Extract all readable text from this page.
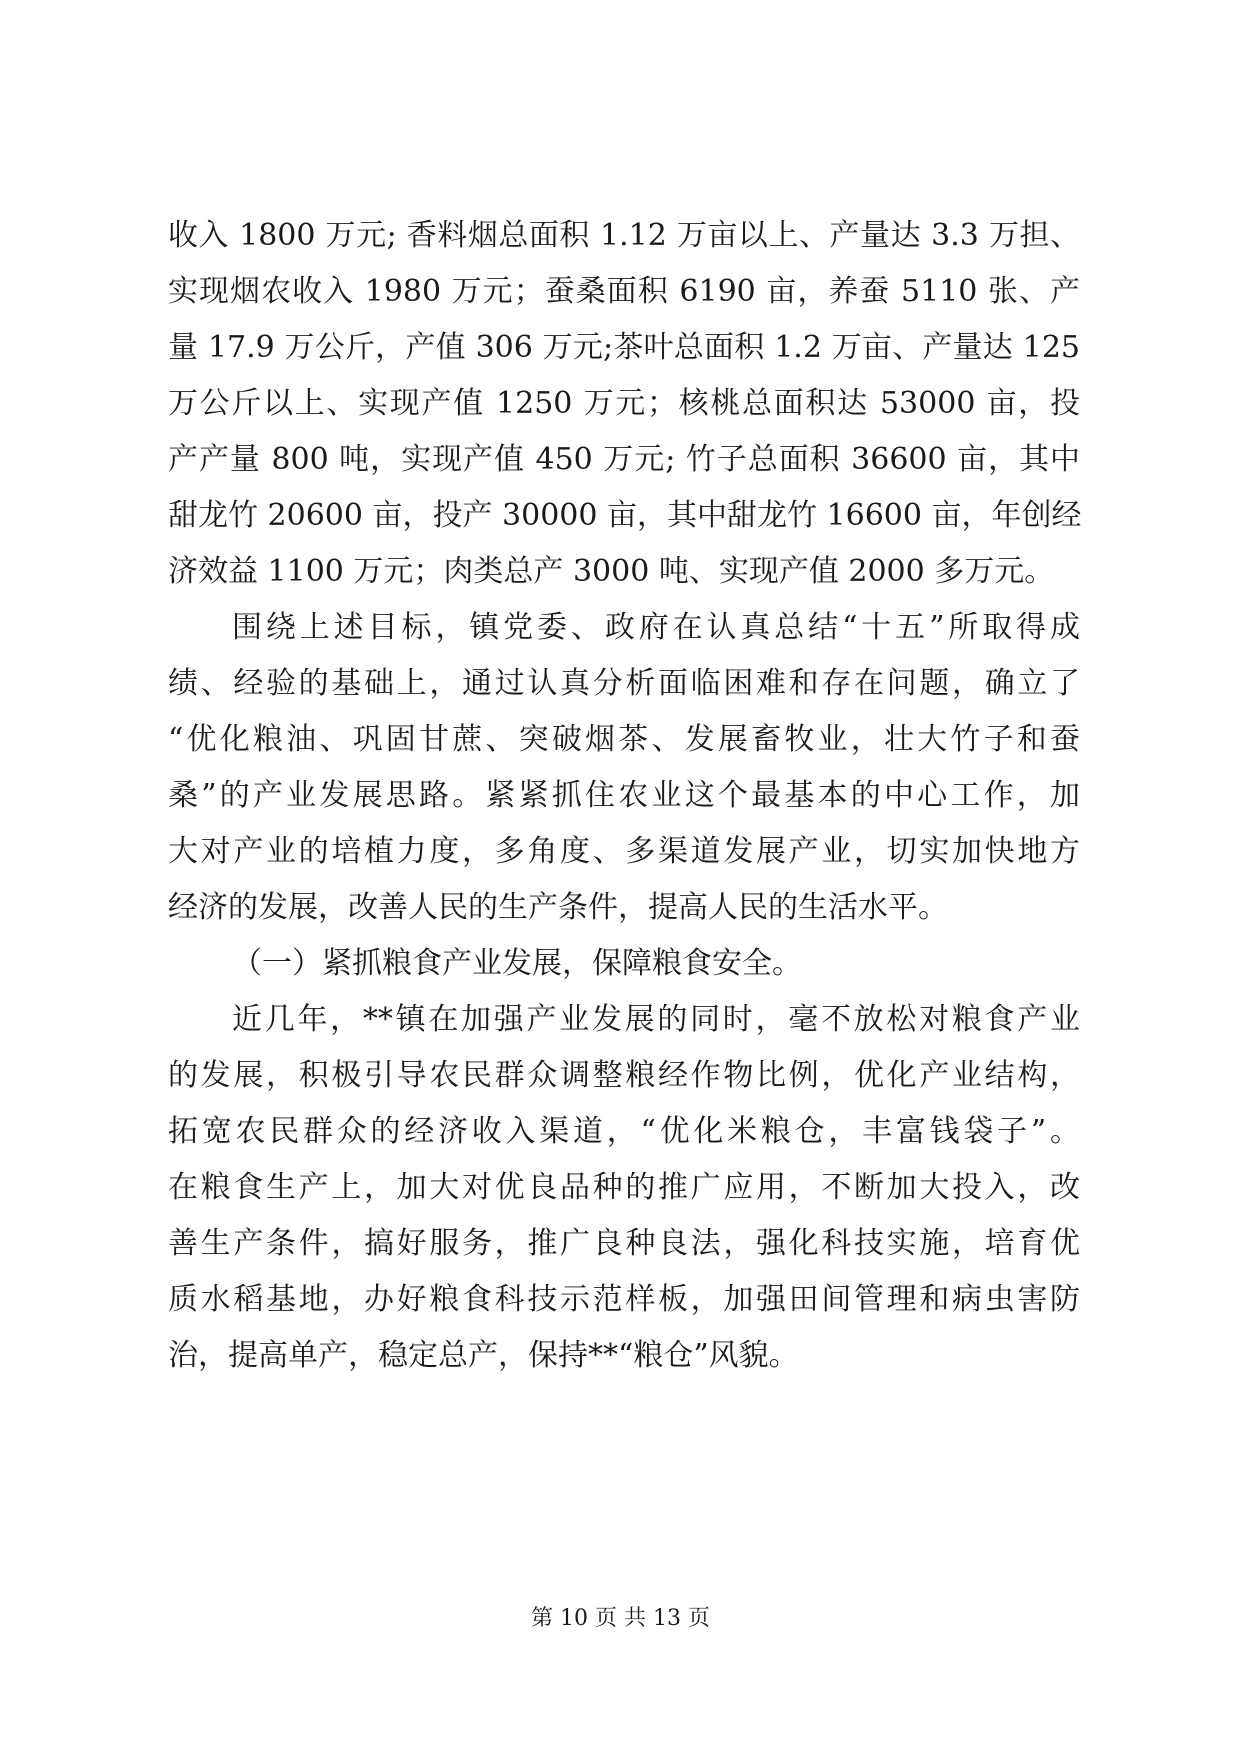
收入 1800 万元; 香料烟总面积 1.12 万亩以上、产量达 3.3 万担、
实现烟农收入 1980 万元；蚕桑面积 6190 亩，养蚕 5110 张、产
量 17.9 万公斤，产值 306 万元;茶叶总面积 1.2 万亩、产量达 125
万公斤以上、实现产值 1250 万元；核桃总面积达 53000 亩，投
产产量 800 吨，实现产值 450 万元; 竹子总面积 36600 亩，其中
甜龙竹 20600 亩，投产 30000 亩，其中甜龙竹 16600 亩，年创经
济效益 1100 万元；肉类总产 3000 吨、实现产值 2000 多万元。
围绕上述目标，镇党委、政府在认真总结“十五”所取得成
绩、经验的基础上，通过认真分析面临困难和存在问题，确立了
“优化粮油、巩固甘蔗、突破烟茶、发展畜牧业，壮大竹子和蚕
桑”的产业发展思路。紧紧抓住农业这个最基本的中心工作，加
大对产业的培植力度，多角度、多渠道发展产业，切实加快地方
经济的发展，改善人民的生产条件，提高人民的生活水平。
（一）紧抓粮食产业发展，保障粮食安全。
近几年，**镇在加强产业发展的同时，毫不放松对粮食产业
的发展，积极引导农民群众调整粮经作物比例，优化产业结构，
拓宽农民群众的经济收入渠道，“优化米粮仓，丰富钱袋子”。
在粮食生产上，加大对优良品种的推广应用，不断加大投入，改
善生产条件，搞好服务，推广良种良法，强化科技实施，培育优
质水稻基地，办好粮食科技示范样板，加强田间管理和病虫害防
治，提高单产，稳定总产，保持**“粮仓”风貌。
第 10 页 共 13 页
